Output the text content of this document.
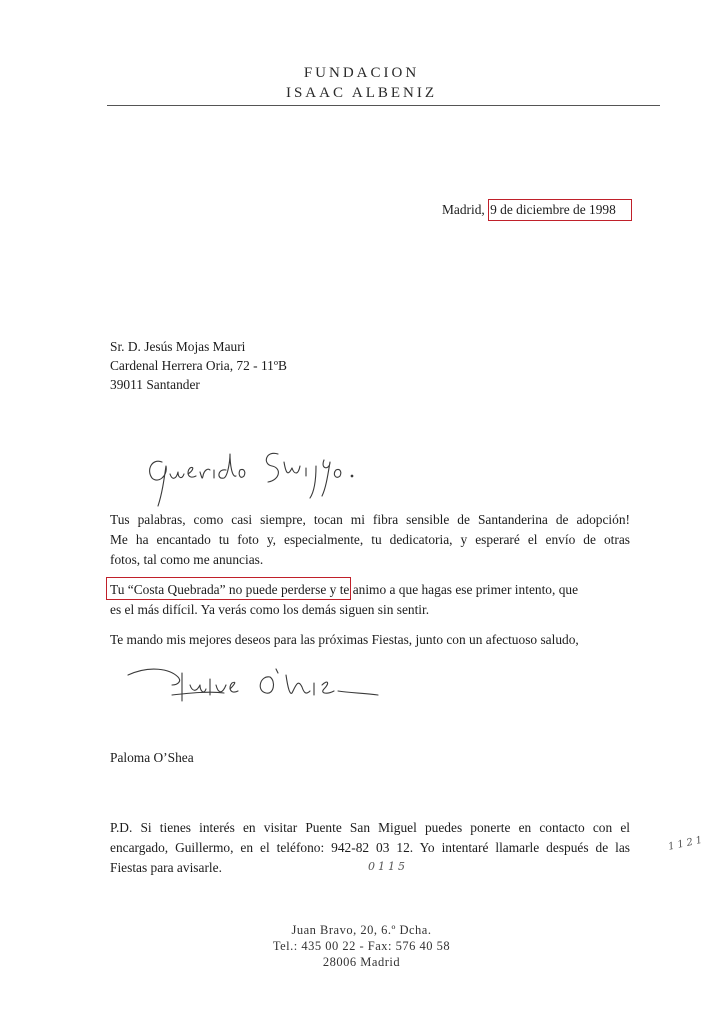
FUNDACION
ISAAC ALBENIZ
Madrid, 9 de diciembre de 1998
Sr. D. Jesús Mojas Mauri
Cardenal Herrera Oria, 72 - 11ºB
39011 Santander
Tus palabras, como casi siempre, tocan mi fibra sensible de Santanderina de adopción!
Me ha encantado tu foto y, especialmente, tu dedicatoria, y esperaré el envío de otras
fotos, tal como me anuncias.
Tu “Costa Quebrada” no puede perderse y te animo a que hagas ese primer intento, que
es el más difícil. Ya verás como los demás siguen sin sentir.
Te mando mis mejores deseos para las próximas Fiestas, junto con un afectuoso saludo,
Paloma O’Shea
P.D. Si tienes interés en visitar Puente San Miguel puedes ponerte en contacto con el
encargado, Guillermo, en el teléfono: 942-82 03 12. Yo intentaré llamarle después de las
Fiestas para avisarle.	0115
1121
Juan Bravo, 20, 6.º Dcha.
Tel.: 435 00 22 - Fax: 576 40 58
28006 Madrid
